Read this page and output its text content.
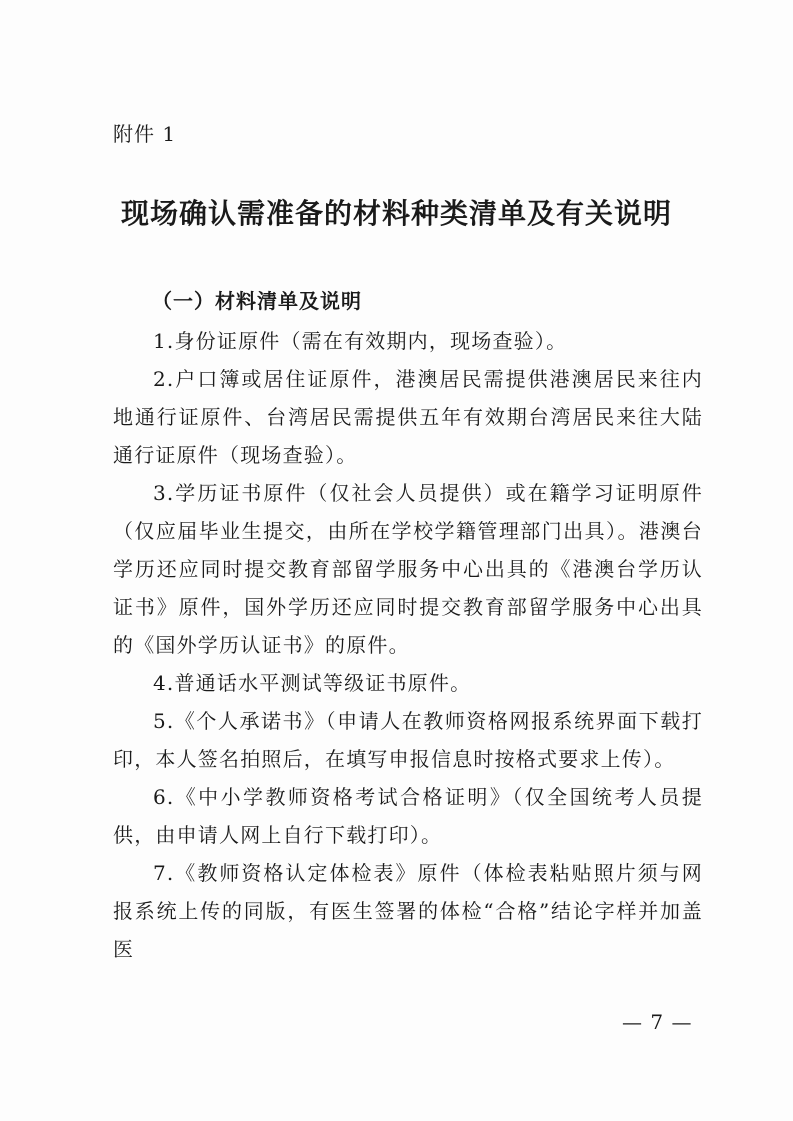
附件 1
现场确认需准备的材料种类清单及有关说明
（一）材料清单及说明

1.身份证原件（需在有效期内，现场查验）。

2.户口簿或居住证原件，港澳居民需提供港澳居民来往内地通行证原件、台湾居民需提供五年有效期台湾居民来往大陆通行证原件（现场查验）。

3.学历证书原件（仅社会人员提供）或在籍学习证明原件（仅应届毕业生提交，由所在学校学籍管理部门出具）。港澳台学历还应同时提交教育部留学服务中心出具的《港澳台学历认证书》原件，国外学历还应同时提交教育部留学服务中心出具的《国外学历认证书》的原件。

4.普通话水平测试等级证书原件。

5.《个人承诺书》（申请人在教师资格网报系统界面下载打印，本人签名拍照后，在填写申报信息时按格式要求上传）。

6.《中小学教师资格考试合格证明》（仅全国统考人员提供，由申请人网上自行下载打印）。

7.《教师资格认定体检表》原件（体检表粘贴照片须与网报系统上传的同版，有医生签署的体检“合格”结论字样并加盖医

— 7 —
